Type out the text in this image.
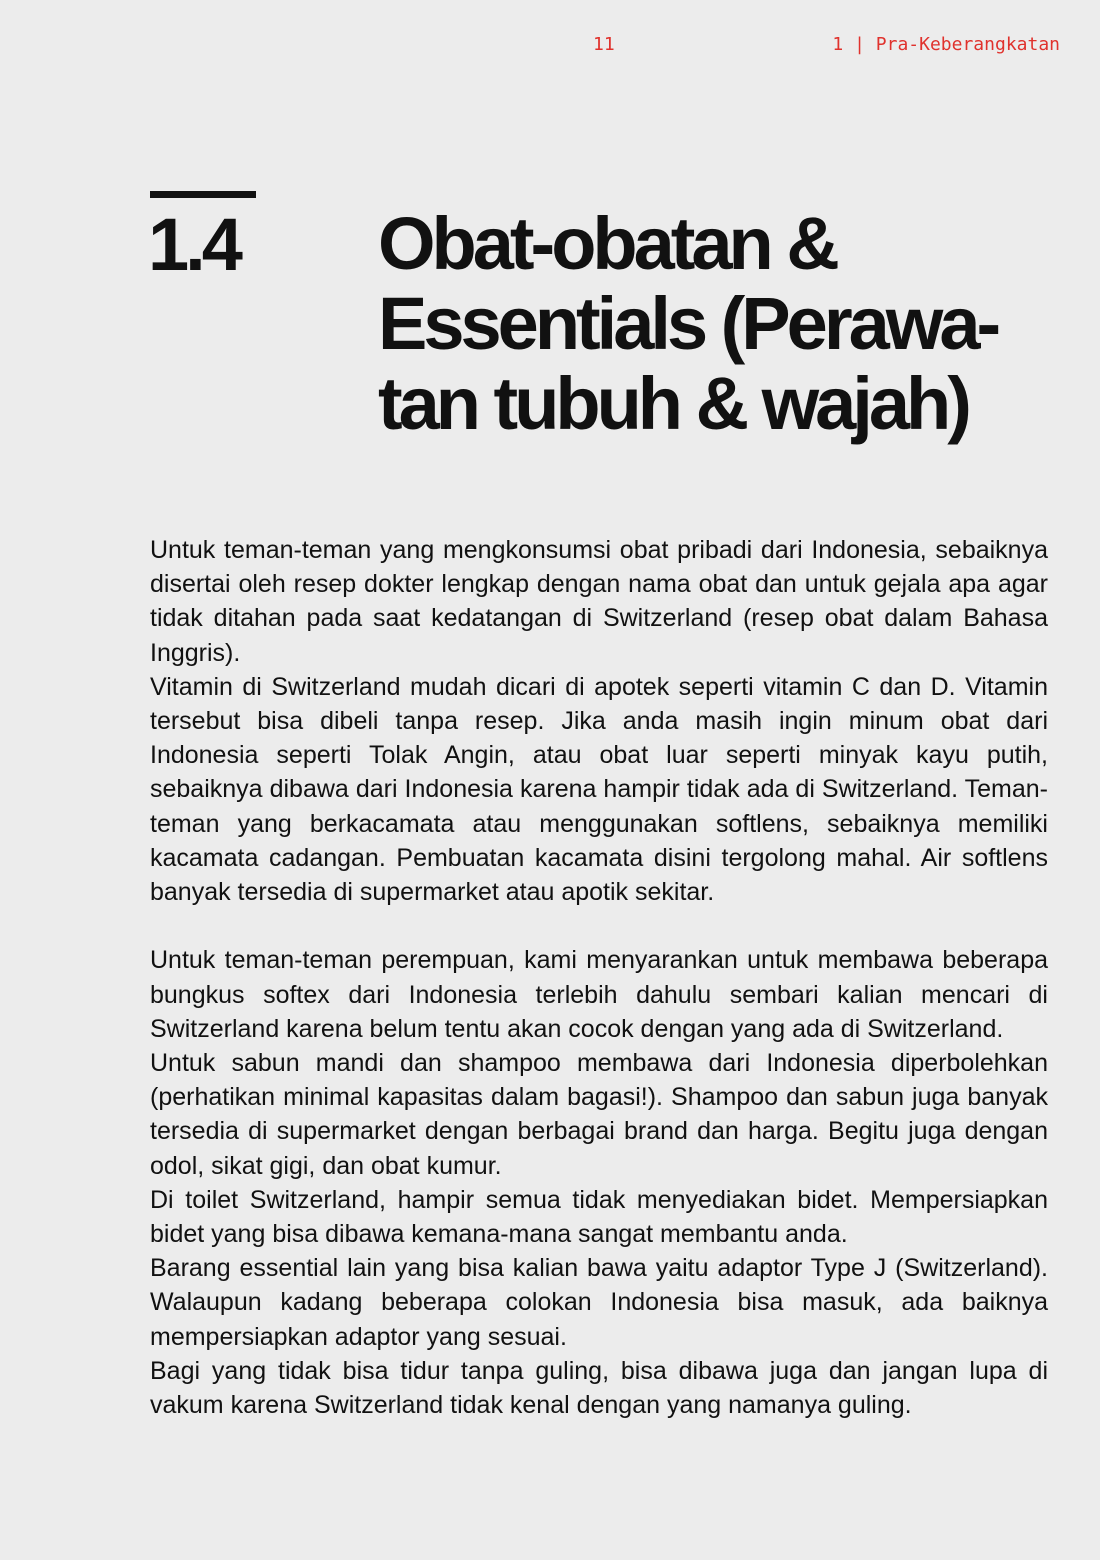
11	1 | Pra-Keberangkatan
1.4 Obat-obatan &
Essentials (Perawa-
tan tubuh & wajah)

Untuk teman-teman yang mengkonsumsi obat pribadi dari Indonesia, sebaiknya disertai oleh resep dokter lengkap dengan nama obat dan untuk gejala apa agar tidak ditahan pada saat kedatangan di Switzerland (resep obat dalam Bahasa Inggris).

Vitamin di Switzerland mudah dicari di apotek seperti vitamin C dan D. Vitamin tersebut bisa dibeli tanpa resep. Jika anda masih ingin minum obat dari Indonesia seperti Tolak Angin, atau obat luar seperti minyak kayu putih, sebaiknya dibawa dari Indonesia karena hampir tidak ada di Switzerland. Teman-teman yang berkacamata atau menggunakan softlens, sebaiknya memiliki kacamata cadangan. Pembuatan kacamata disini tergolong mahal. Air softlens banyak tersedia di supermarket atau apotik sekitar.

Untuk teman-teman perempuan, kami menyarankan untuk membawa beberapa bungkus softex dari Indonesia terlebih dahulu sembari kalian mencari di Switzerland karena belum tentu akan cocok dengan yang ada di Switzerland.

Untuk sabun mandi dan shampoo membawa dari Indonesia diperbolehkan (perhatikan minimal kapasitas dalam bagasi!). Shampoo dan sabun juga banyak tersedia di supermarket dengan berbagai brand dan harga. Begitu juga dengan odol, sikat gigi, dan obat kumur.

Di toilet Switzerland, hampir semua tidak menyediakan bidet. Mempersiapkan bidet yang bisa dibawa kemana-mana sangat membantu anda.

Barang essential lain yang bisa kalian bawa yaitu adaptor Type J (Switzerland). Walaupun kadang beberapa colokan Indonesia bisa masuk, ada baiknya mempersiapkan adaptor yang sesuai.

Bagi yang tidak bisa tidur tanpa guling, bisa dibawa juga dan jangan lupa di vakum karena Switzerland tidak kenal dengan yang namanya guling.
